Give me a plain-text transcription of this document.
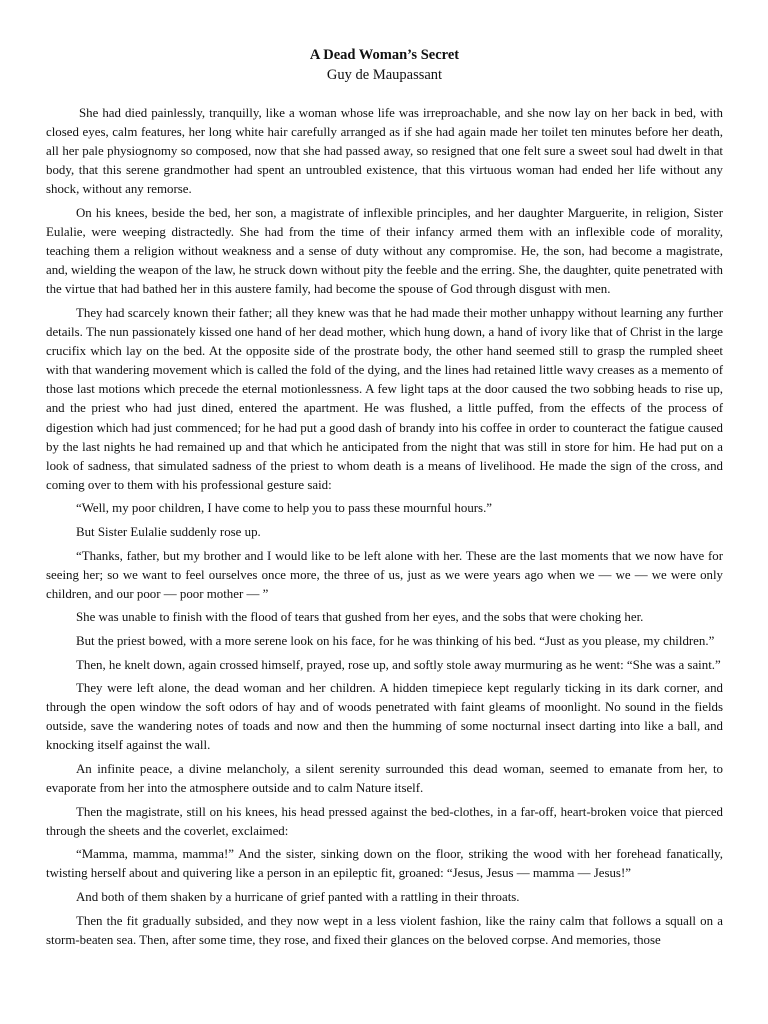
A Dead Woman’s Secret
Guy de Maupassant

She had died painlessly, tranquilly, like a woman whose life was irreproachable, and she now lay on her back in bed, with closed eyes, calm features, her long white hair carefully arranged as if she had again made her toilet ten minutes before her death, all her pale physiognomy so composed, now that she had passed away, so resigned that one felt sure a sweet soul had dwelt in that body, that this serene grandmother had spent an untroubled existence, that this virtuous woman had ended her life without any shock, without any remorse.

On his knees, beside the bed, her son, a magistrate of inflexible principles, and her daughter Marguerite, in religion, Sister Eulalie, were weeping distractedly. She had from the time of their infancy armed them with an inflexible code of morality, teaching them a religion without weakness and a sense of duty without any compromise. He, the son, had become a magistrate, and, wielding the weapon of the law, he struck down without pity the feeble and the erring. She, the daughter, quite penetrated with the virtue that had bathed her in this austere family, had become the spouse of God through disgust with men.

They had scarcely known their father; all they knew was that he had made their mother unhappy without learning any further details. The nun passionately kissed one hand of her dead mother, which hung down, a hand of ivory like that of Christ in the large crucifix which lay on the bed. At the opposite side of the prostrate body, the other hand seemed still to grasp the rumpled sheet with that wandering movement which is called the fold of the dying, and the lines had retained little wavy creases as a memento of those last motions which precede the eternal motionlessness. A few light taps at the door caused the two sobbing heads to rise up, and the priest who had just dined, entered the apartment. He was flushed, a little puffed, from the effects of the process of digestion which had just commenced; for he had put a good dash of brandy into his coffee in order to counteract the fatigue caused by the last nights he had remained up and that which he anticipated from the night that was still in store for him. He had put on a look of sadness, that simulated sadness of the priest to whom death is a means of livelihood. He made the sign of the cross, and coming over to them with his professional gesture said:

“Well, my poor children, I have come to help you to pass these mournful hours.”

But Sister Eulalie suddenly rose up.

“Thanks, father, but my brother and I would like to be left alone with her. These are the last moments that we now have for seeing her; so we want to feel ourselves once more, the three of us, just as we were years ago when we — we — we were only children, and our poor — poor mother — ”

She was unable to finish with the flood of tears that gushed from her eyes, and the sobs that were choking her.

But the priest bowed, with a more serene look on his face, for he was thinking of his bed. “Just as you please, my children.”

Then, he knelt down, again crossed himself, prayed, rose up, and softly stole away murmuring as he went: “She was a saint.”

They were left alone, the dead woman and her children. A hidden timepiece kept regularly ticking in its dark corner, and through the open window the soft odors of hay and of woods penetrated with faint gleams of moonlight. No sound in the fields outside, save the wandering notes of toads and now and then the humming of some nocturnal insect darting into like a ball, and knocking itself against the wall.

An infinite peace, a divine melancholy, a silent serenity surrounded this dead woman, seemed to emanate from her, to evaporate from her into the atmosphere outside and to calm Nature itself.

Then the magistrate, still on his knees, his head pressed against the bed-clothes, in a far-off, heart-broken voice that pierced through the sheets and the coverlet, exclaimed:

“Mamma, mamma, mamma!” And the sister, sinking down on the floor, striking the wood with her forehead fanatically, twisting herself about and quivering like a person in an epileptic fit, groaned: “Jesus, Jesus — mamma — Jesus!”

And both of them shaken by a hurricane of grief panted with a rattling in their throats.

Then the fit gradually subsided, and they now wept in a less violent fashion, like the rainy calm that follows a squall on a storm-beaten sea. Then, after some time, they rose, and fixed their glances on the beloved corpse. And memories, those
